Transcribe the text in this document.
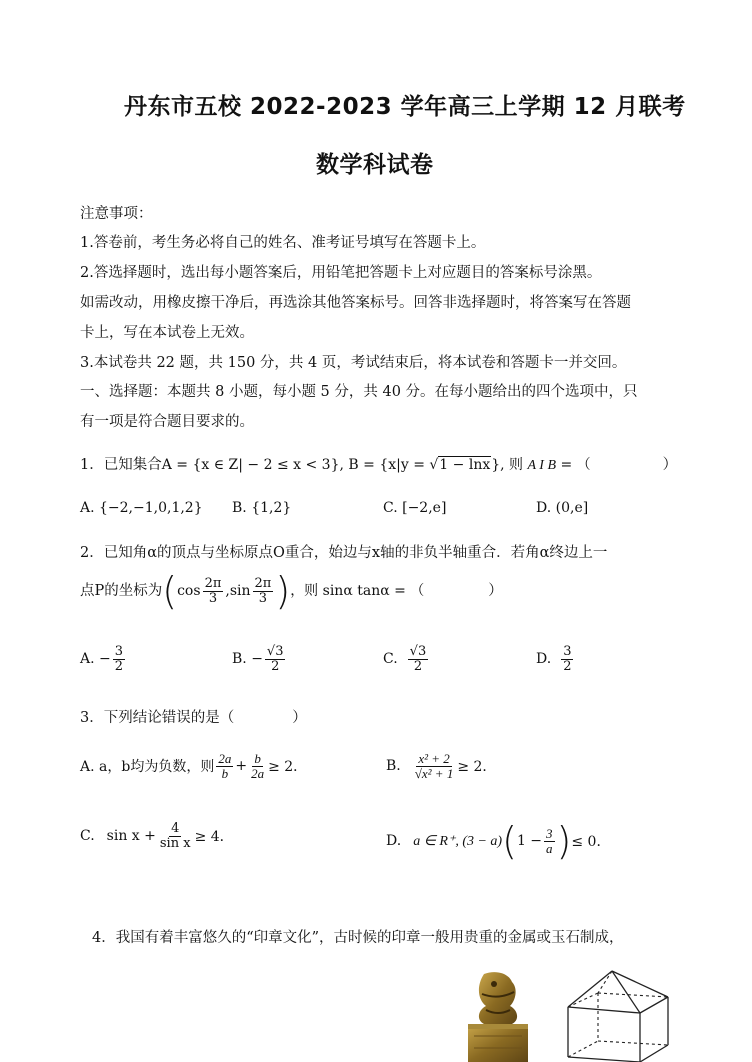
丹东市五校 2022-2023 学年高三上学期 12 月联考
数学科试卷
注意事项：
1.答卷前，考生务必将自己的姓名、准考证号填写在答题卡上。
2.答选择题时，选出每小题答案后，用铅笔把答题卡上对应题目的答案标号涂黑。
如需改动，用橡皮擦干净后，再选涂其他答案标号。回答非选择题时，将答案写在答题
卡上，写在本试卷上无效。
3.本试卷共 22 题，共 150 分，共 4 页，考试结束后，将本试卷和答题卡一并交回。
一、选择题：本题共 8 小题，每小题 5 分，共 40 分。在每小题给出的四个选项中，只
有一项是符合题目要求的。
1．已知集合A = {x ∈ Z| − 2 ≤ x < 3}, B = {x|y = √1 − lnx}, 则 A I B = （	）
A. {−2,−1,0,1,2} B. {1,2}	C. [−2,e]	D. (0,e]
2．已知角α的顶点与坐标原点O重合，始边与x轴的非负半轴重合．若角α终边上一
点P的坐标为 ( $\cos \frac{2\pi}{3} ,\sin \frac{2\pi}{3}$ ) ，则 sinα tanα = （	）
A. − $\frac{3}{2}$	B. − $\frac{√3}{2}$	C. $\frac{√3}{2}$	D. $\frac{3}{2}$
3．下列结论错误的是（	）
A. a，b均为负数，则 $\frac{2a}{b} + \frac{b}{2a} \ge 2$．	B. $\frac{\text{x² + 2}}{\text{√x² + 1}} \ge 2$．
C. $\sin x + \frac{4}{\text{sin x}} \ge 4$．	D. a ∈ R⁺, (3 − a) ( $1 - \frac{3}{a}$ ) ≤ 0．
4．我国有着丰富悠久的“印章文化”，古时候的印章一般用贵重的金属或玉石制成，
